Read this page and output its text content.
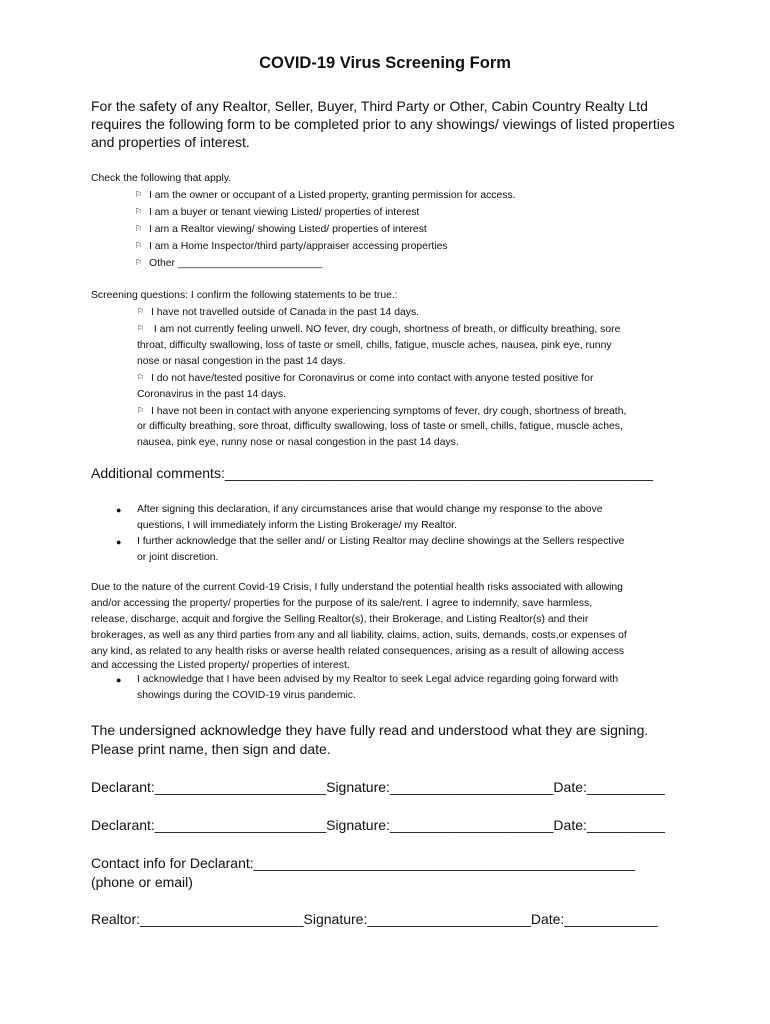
COVID-19 Virus Screening Form
For the safety of any Realtor, Seller, Buyer, Third Party or Other, Cabin Country Realty Ltd
requires the following form to be completed prior to any showings/ viewings of listed properties
and properties of interest.
Check the following that apply.
⚐ I am the owner or occupant of a Listed property, granting permission for access.
⚐ I am a buyer or tenant viewing Listed/ properties of interest
⚐ I am a Realtor viewing/ showing Listed/ properties of interest
⚐ I am a Home Inspector/third party/appraiser accessing properties
⚐ Other _________________________
Screening questions: I confirm the following statements to be true.:
⚐ I have not travelled outside of Canada in the past 14 days.
⚐ I am not currently feeling unwell. NO fever, dry cough, shortness of breath, or difficulty breathing, sore
throat, difficulty swallowing, loss of taste or smell, chills, fatigue, muscle aches, nausea, pink eye, runny
nose or nasal congestion in the past 14 days.
⚐ I do not have/tested positive for Coronavirus or come into contact with anyone tested positive for
Coronavirus in the past 14 days.
⚐ I have not been in contact with anyone experiencing symptoms of fever, dry cough, shortness of breath,
or difficulty breathing, sore throat, difficulty swallowing, loss of taste or smell, chills, fatigue, muscle aches,
nausea, pink eye, runny nose or nasal congestion in the past 14 days.
Additional comments:_______________________________________________________
● After signing this declaration, if any circumstances arise that would change my response to the above
questions, I will immediately inform the Listing Brokerage/ my Realtor.
● I further acknowledge that the seller and/ or Listing Realtor may decline showings at the Sellers respective
or joint discretion.
Due to the nature of the current Covid-19 Crisis, I fully understand the potential health risks associated with allowing
and/or accessing the property/ properties for the purpose of its sale/rent. I agree to indemnify, save harmless,
release, discharge, acquit and forgive the Selling Realtor(s), their Brokerage, and Listing Realtor(s) and their
brokerages, as well as any third parties from any and all liability, claims, action, suits, demands, costs,or expenses of
any kind, as related to any health risks or averse health related consequences, arising as a result of allowing access
and accessing the Listed property/ properties of interest.
● I acknowledge that I have been advised by my Realtor to seek Legal advice regarding going forward with
showings during the COVID-19 virus pandemic.
The undersigned acknowledge they have fully read and understood what they are signing.
Please print name, then sign and date.
Declarant:______________________Signature:_____________________Date:__________
Declarant:______________________Signature:_____________________Date:__________
Contact info for Declarant:_________________________________________________
(phone or email)
Realtor:_____________________Signature:_____________________Date:____________
